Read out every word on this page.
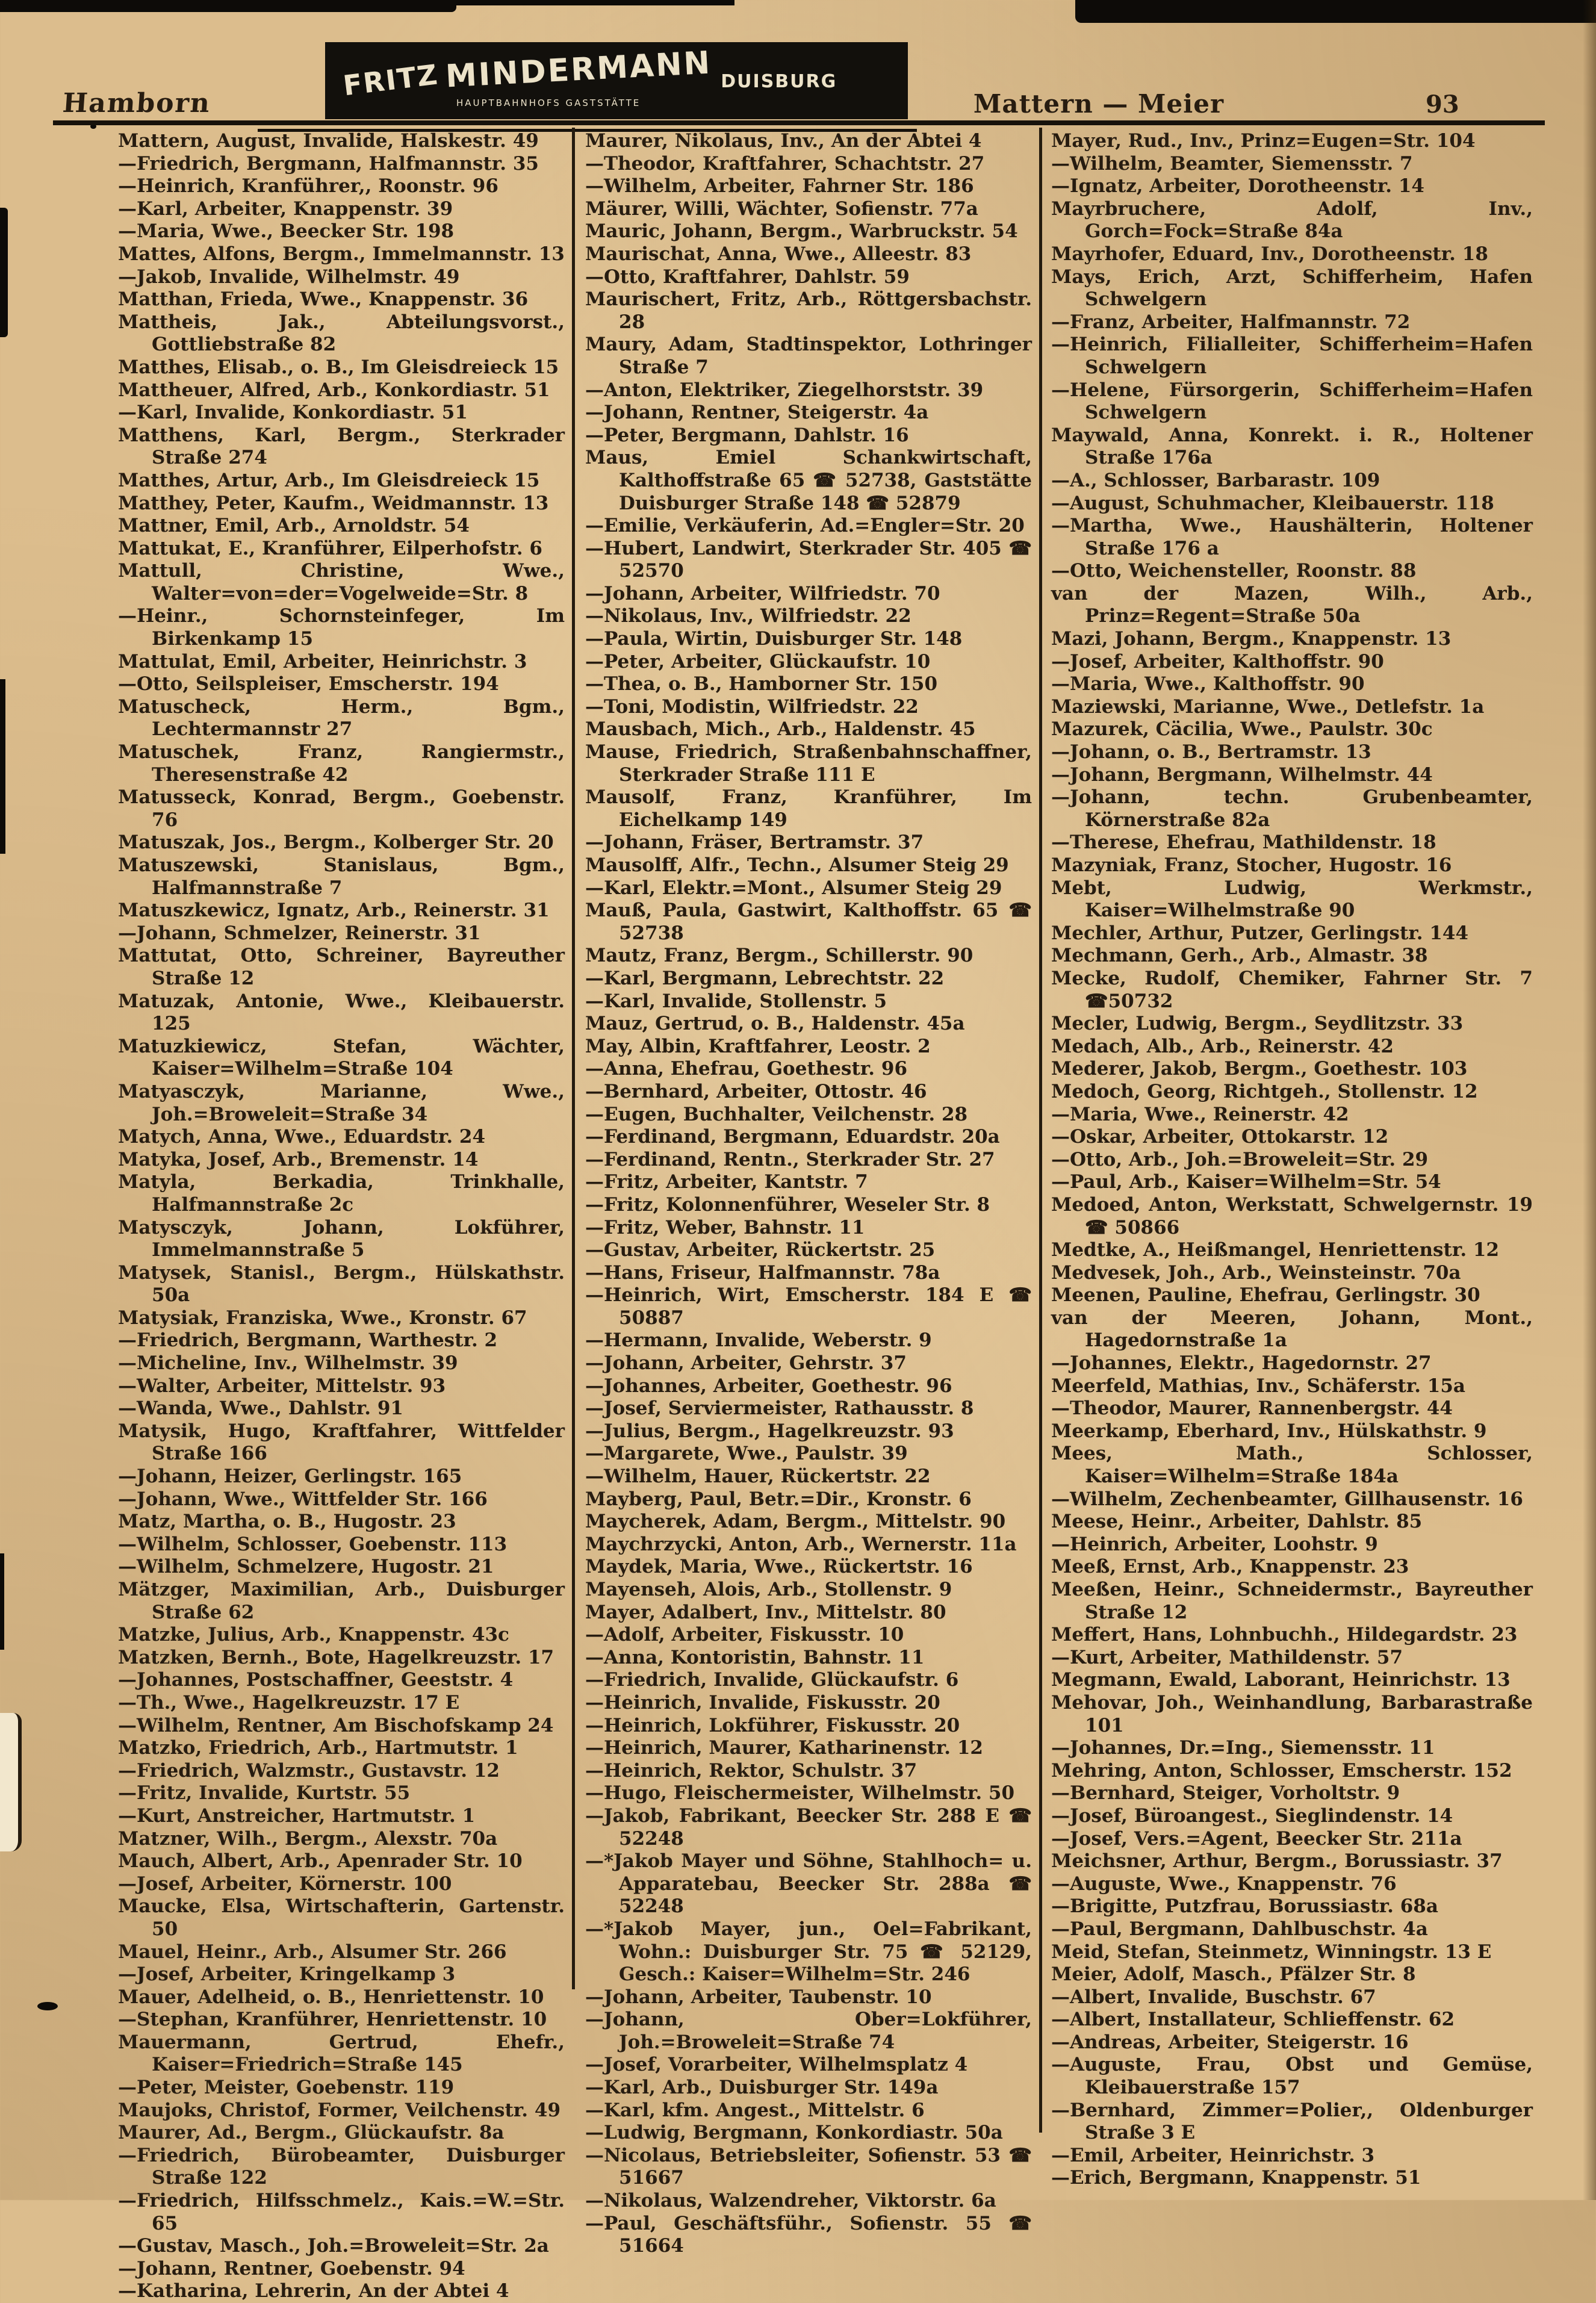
Hamborn
FRITZ MINDERMANN DUISBURG
HAUPTBAHNHOFS GASTSTÄTTE	Mattern — Meier	93

Mattern, August, Invalide, Halskestr. 49

—Friedrich, Bergmann, Halfmannstr. 35

—Heinrich, Kranführer,, Roonstr. 96

—Karl, Arbeiter, Knappenstr. 39

—Maria, Wwe., Beecker Str. 198

Mattes, Alfons, Bergm., Immelmannstr. 13

—Jakob, Invalide, Wilhelmstr. 49

Matthan, Frieda, Wwe., Knappenstr. 36

Mattheis, Jak., Abteilungsvorst., Gottliebstraße 82

Matthes, Elisab., o. B., Im Gleisdreieck 15

Mattheuer, Alfred, Arb., Konkordiastr. 51

—Karl, Invalide, Konkordiastr. 51

Matthens, Karl, Bergm., Sterkrader Straße 274

Matthes, Artur, Arb., Im Gleisdreieck 15

Matthey, Peter, Kaufm., Weidmannstr. 13

Mattner, Emil, Arb., Arnoldstr. 54

Mattukat, E., Kranführer, Eilperhofstr. 6

Mattull, Christine, Wwe., Walter=von=der=Vogelweide=Str. 8

—Heinr., Schornsteinfeger, Im Birkenkamp 15

Mattulat, Emil, Arbeiter, Heinrichstr. 3

—Otto, Seilspleiser, Emscherstr. 194

Matuscheck, Herm., Bgm., Lechtermannstr 27

Matuschek, Franz, Rangiermstr., Theresenstraße 42

Matusseck, Konrad, Bergm., Goebenstr. 76

Matuszak, Jos., Bergm., Kolberger Str. 20

Matuszewski, Stanislaus, Bgm., Halfmannstraße 7

Matuszkewicz, Ignatz, Arb., Reinerstr. 31

—Johann, Schmelzer, Reinerstr. 31

Mattutat, Otto, Schreiner, Bayreuther Straße 12

Matuzak, Antonie, Wwe., Kleibauerstr. 125

Matuzkiewicz, Stefan, Wächter, Kaiser=Wilhelm=Straße 104

Matyasczyk, Marianne, Wwe., Joh.=Broweleit=Straße 34

Matych, Anna, Wwe., Eduardstr. 24

Matyka, Josef, Arb., Bremenstr. 14

Matyla, Berkadia, Trinkhalle, Halfmannstraße 2c

Matysczyk, Johann, Lokführer, Immelmannstraße 5

Matysek, Stanisl., Bergm., Hülskathstr. 50a

Matysiak, Franziska, Wwe., Kronstr. 67

—Friedrich, Bergmann, Warthestr. 2

—Micheline, Inv., Wilhelmstr. 39

—Walter, Arbeiter, Mittelstr. 93

—Wanda, Wwe., Dahlstr. 91

Matysik, Hugo, Kraftfahrer, Wittfelder Straße 166

—Johann, Heizer, Gerlingstr. 165

—Johann, Wwe., Wittfelder Str. 166

Matz, Martha, o. B., Hugostr. 23

—Wilhelm, Schlosser, Goebenstr. 113

—Wilhelm, Schmelzere, Hugostr. 21

Mätzger, Maximilian, Arb., Duisburger Straße 62

Matzke, Julius, Arb., Knappenstr. 43c

Matzken, Bernh., Bote, Hagelkreuzstr. 17

—Johannes, Postschaffner, Geeststr. 4

—Th., Wwe., Hagelkreuzstr. 17 E

—Wilhelm, Rentner, Am Bischofskamp 24

Matzko, Friedrich, Arb., Hartmutstr. 1

—Friedrich, Walzmstr., Gustavstr. 12

—Fritz, Invalide, Kurtstr. 55

—Kurt, Anstreicher, Hartmutstr. 1

Matzner, Wilh., Bergm., Alexstr. 70a

Mauch, Albert, Arb., Apenrader Str. 10

—Josef, Arbeiter, Körnerstr. 100

Maucke, Elsa, Wirtschafterin, Gartenstr. 50

Mauel, Heinr., Arb., Alsumer Str. 266

—Josef, Arbeiter, Kringelkamp 3

Mauer, Adelheid, o. B., Henriettenstr. 10

—Stephan, Kranführer, Henriettenstr. 10

Mauermann, Gertrud, Ehefr., Kaiser=Friedrich=Straße 145

—Peter, Meister, Goebenstr. 119

Maujoks, Christof, Former, Veilchenstr. 49

Maurer, Ad., Bergm., Glückaufstr. 8a

—Friedrich, Bürobeamter, Duisburger Straße 122

—Friedrich, Hilfsschmelz., Kais.=W.=Str. 65

—Gustav, Masch., Joh.=Broweleit=Str. 2a

—Johann, Rentner, Goebenstr. 94

—Katharina, Lehrerin, An der Abtei 4

Maurer, Nikolaus, Inv., An der Abtei 4

—Theodor, Kraftfahrer, Schachtstr. 27

—Wilhelm, Arbeiter, Fahrner Str. 186

Mäurer, Willi, Wächter, Sofienstr. 77a

Mauric, Johann, Bergm., Warbruckstr. 54

Maurischat, Anna, Wwe., Alleestr. 83

—Otto, Kraftfahrer, Dahlstr. 59

Maurischert, Fritz, Arb., Röttgersbachstr. 28

Maury, Adam, Stadtinspektor, Lothringer Straße 7

—Anton, Elektriker, Ziegelhorststr. 39

—Johann, Rentner, Steigerstr. 4a

—Peter, Bergmann, Dahlstr. 16

Maus, Emiel Schankwirtschaft, Kalthoffstraße 65 ☎ 52738, Gaststätte Duisburger Straße 148 ☎ 52879

—Emilie, Verkäuferin, Ad.=Engler=Str. 20

—Hubert, Landwirt, Sterkrader Str. 405 ☎ 52570

—Johann, Arbeiter, Wilfriedstr. 70

—Nikolaus, Inv., Wilfriedstr. 22

—Paula, Wirtin, Duisburger Str. 148

—Peter, Arbeiter, Glückaufstr. 10

—Thea, o. B., Hamborner Str. 150

—Toni, Modistin, Wilfriedstr. 22

Mausbach, Mich., Arb., Haldenstr. 45

Mause, Friedrich, Straßenbahnschaffner, Sterkrader Straße 111 E

Mausolf, Franz, Kranführer, Im Eichelkamp 149

—Johann, Fräser, Bertramstr. 37

Mausolff, Alfr., Techn., Alsumer Steig 29

—Karl, Elektr.=Mont., Alsumer Steig 29

Mauß, Paula, Gastwirt, Kalthoffstr. 65 ☎ 52738

Mautz, Franz, Bergm., Schillerstr. 90

—Karl, Bergmann, Lebrechtstr. 22

—Karl, Invalide, Stollenstr. 5

Mauz, Gertrud, o. B., Haldenstr. 45a

May, Albin, Kraftfahrer, Leostr. 2

—Anna, Ehefrau, Goethestr. 96

—Bernhard, Arbeiter, Ottostr. 46

—Eugen, Buchhalter, Veilchenstr. 28

—Ferdinand, Bergmann, Eduardstr. 20a

—Ferdinand, Rentn., Sterkrader Str. 27

—Fritz, Arbeiter, Kantstr. 7

—Fritz, Kolonnenführer, Weseler Str. 8

—Fritz, Weber, Bahnstr. 11

—Gustav, Arbeiter, Rückertstr. 25

—Hans, Friseur, Halfmannstr. 78a

—Heinrich, Wirt, Emscherstr. 184 E ☎ 50887

—Hermann, Invalide, Weberstr. 9

—Johann, Arbeiter, Gehrstr. 37

—Johannes, Arbeiter, Goethestr. 96

—Josef, Serviermeister, Rathausstr. 8

—Julius, Bergm., Hagelkreuzstr. 93

—Margarete, Wwe., Paulstr. 39

—Wilhelm, Hauer, Rückertstr. 22

Mayberg, Paul, Betr.=Dir., Kronstr. 6

Maycherek, Adam, Bergm., Mittelstr. 90

Maychrzycki, Anton, Arb., Wernerstr. 11a

Maydek, Maria, Wwe., Rückertstr. 16

Mayenseh, Alois, Arb., Stollenstr. 9

Mayer, Adalbert, Inv., Mittelstr. 80

—Adolf, Arbeiter, Fiskusstr. 10

—Anna, Kontoristin, Bahnstr. 11

—Friedrich, Invalide, Glückaufstr. 6

—Heinrich, Invalide, Fiskusstr. 20

—Heinrich, Lokführer, Fiskusstr. 20

—Heinrich, Maurer, Katharinenstr. 12

—Heinrich, Rektor, Schulstr. 37

—Hugo, Fleischermeister, Wilhelmstr. 50

—Jakob, Fabrikant, Beecker Str. 288 E ☎ 52248

—*Jakob Mayer und Söhne, Stahlhoch= u. Apparatebau, Beecker Str. 288a ☎ 52248

—*Jakob Mayer, jun., Oel=Fabrikant, Wohn.: Duisburger Str. 75 ☎ 52129, Gesch.: Kaiser=Wilhelm=Str. 246

—Johann, Arbeiter, Taubenstr. 10

—Johann, Ober=Lokführer, Joh.=Broweleit=Straße 74

—Josef, Vorarbeiter, Wilhelmsplatz 4

—Karl, Arb., Duisburger Str. 149a

—Karl, kfm. Angest., Mittelstr. 6

—Ludwig, Bergmann, Konkordiastr. 50a

—Nicolaus, Betriebsleiter, Sofienstr. 53 ☎ 51667

—Nikolaus, Walzendreher, Viktorstr. 6a

—Paul, Geschäftsführ., Sofienstr. 55 ☎ 51664

Mayer, Rud., Inv., Prinz=Eugen=Str. 104

—Wilhelm, Beamter, Siemensstr. 7

—Ignatz, Arbeiter, Dorotheenstr. 14

Mayrbruchere, Adolf, Inv., Gorch=Fock=Straße 84a

Mayrhofer, Eduard, Inv., Dorotheenstr. 18

Mays, Erich, Arzt, Schifferheim, Hafen Schwelgern

—Franz, Arbeiter, Halfmannstr. 72

—Heinrich, Filialleiter, Schifferheim=Hafen Schwelgern

—Helene, Fürsorgerin, Schifferheim=Hafen Schwelgern

Maywald, Anna, Konrekt. i. R., Holtener Straße 176a

—A., Schlosser, Barbarastr. 109

—August, Schuhmacher, Kleibauerstr. 118

—Martha, Wwe., Haushälterin, Holtener Straße 176 a

—Otto, Weichensteller, Roonstr. 88

van der Mazen, Wilh., Arb., Prinz=Regent=Straße 50a

Mazi, Johann, Bergm., Knappenstr. 13

—Josef, Arbeiter, Kalthoffstr. 90

—Maria, Wwe., Kalthoffstr. 90

Maziewski, Marianne, Wwe., Detlefstr. 1a

Mazurek, Cäcilia, Wwe., Paulstr. 30c

—Johann, o. B., Bertramstr. 13

—Johann, Bergmann, Wilhelmstr. 44

—Johann, techn. Grubenbeamter, Körnerstraße 82a

—Therese, Ehefrau, Mathildenstr. 18

Mazyniak, Franz, Stocher, Hugostr. 16

Mebt, Ludwig, Werkmstr., Kaiser=Wilhelmstraße 90

Mechler, Arthur, Putzer, Gerlingstr. 144

Mechmann, Gerh., Arb., Almastr. 38

Mecke, Rudolf, Chemiker, Fahrner Str. 7 ☎50732

Mecler, Ludwig, Bergm., Seydlitzstr. 33

Medach, Alb., Arb., Reinerstr. 42

Mederer, Jakob, Bergm., Goethestr. 103

Medoch, Georg, Richtgeh., Stollenstr. 12

—Maria, Wwe., Reinerstr. 42

—Oskar, Arbeiter, Ottokarstr. 12

—Otto, Arb., Joh.=Broweleit=Str. 29

—Paul, Arb., Kaiser=Wilhelm=Str. 54

Medoed, Anton, Werkstatt, Schwelgernstr. 19 ☎ 50866

Medtke, A., Heißmangel, Henriettenstr. 12

Medvesek, Joh., Arb., Weinsteinstr. 70a

Meenen, Pauline, Ehefrau, Gerlingstr. 30

van der Meeren, Johann, Mont., Hagedornstraße 1a

—Johannes, Elektr., Hagedornstr. 27

Meerfeld, Mathias, Inv., Schäferstr. 15a

—Theodor, Maurer, Rannenbergstr. 44

Meerkamp, Eberhard, Inv., Hülskathstr. 9

Mees, Math., Schlosser, Kaiser=Wilhelm=Straße 184a

—Wilhelm, Zechenbeamter, Gillhausenstr. 16

Meese, Heinr., Arbeiter, Dahlstr. 85

—Heinrich, Arbeiter, Loohstr. 9

Meeß, Ernst, Arb., Knappenstr. 23

Meeßen, Heinr., Schneidermstr., Bayreuther Straße 12

Meffert, Hans, Lohnbuchh., Hildegardstr. 23

—Kurt, Arbeiter, Mathildenstr. 57

Megmann, Ewald, Laborant, Heinrichstr. 13

Mehovar, Joh., Weinhandlung, Barbarastraße 101

—Johannes, Dr.=Ing., Siemensstr. 11

Mehring, Anton, Schlosser, Emscherstr. 152

—Bernhard, Steiger, Vorholtstr. 9

—Josef, Büroangest., Sieglindenstr. 14

—Josef, Vers.=Agent, Beecker Str. 211a

Meichsner, Arthur, Bergm., Borussiastr. 37

—Auguste, Wwe., Knappenstr. 76

—Brigitte, Putzfrau, Borussiastr. 68a

—Paul, Bergmann, Dahlbuschstr. 4a

Meid, Stefan, Steinmetz, Winningstr. 13 E

Meier, Adolf, Masch., Pfälzer Str. 8

—Albert, Invalide, Buschstr. 67

—Albert, Installateur, Schlieffenstr. 62

—Andreas, Arbeiter, Steigerstr. 16

—Auguste, Frau, Obst und Gemüse, Kleibauerstraße 157

—Bernhard, Zimmer=Polier,, Oldenburger Straße 3 E

—Emil, Arbeiter, Heinrichstr. 3

—Erich, Bergmann, Knappenstr. 51
